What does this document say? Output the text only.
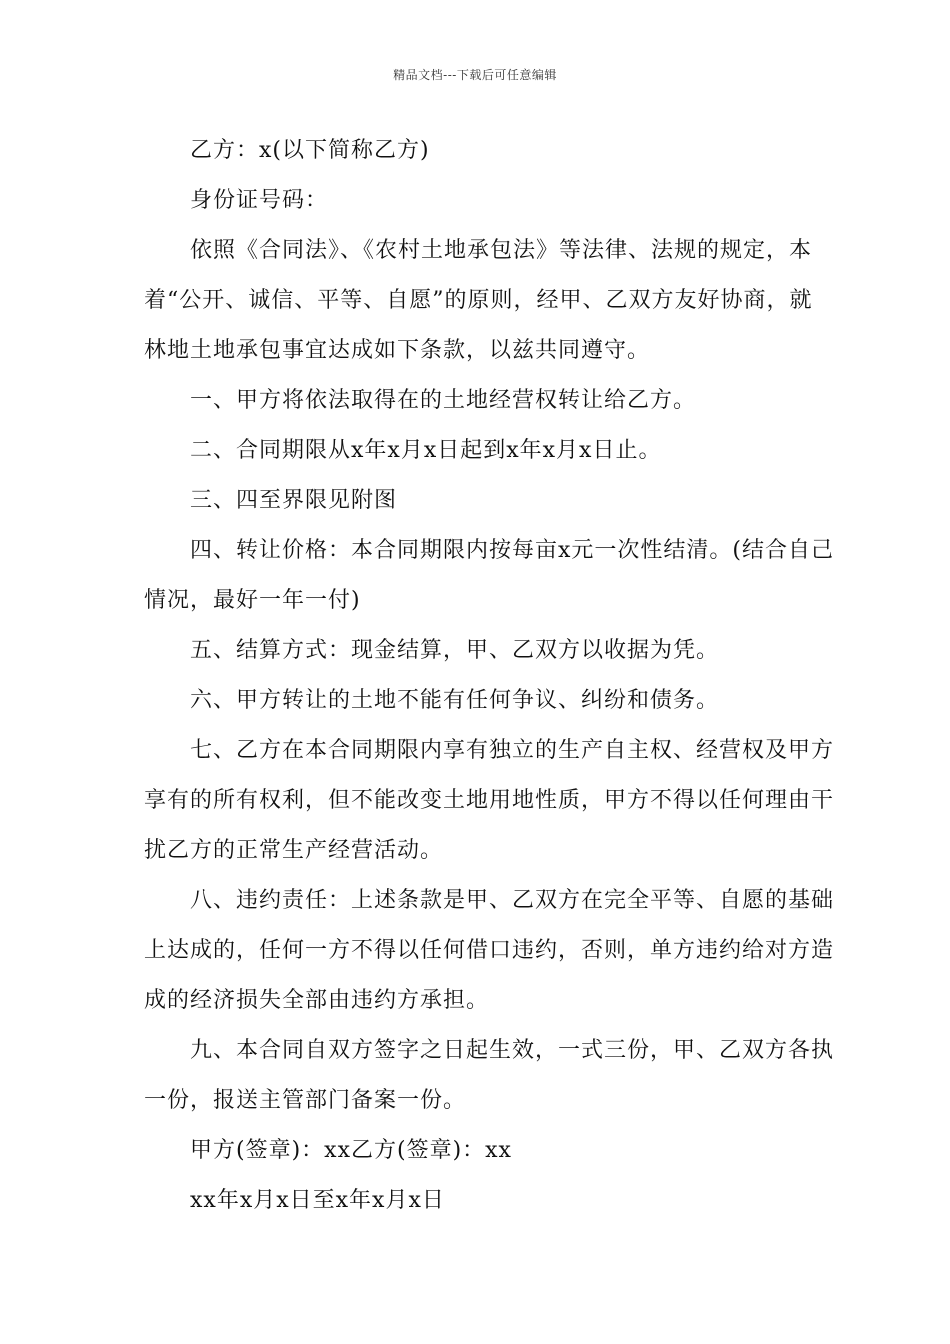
精品文档---下载后可任意编辑

乙方：x(以下简称乙方)

身份证号码：

依照《合同法》、《农村土地承包法》等法律、法规的规定，本着“公开、诚信、平等、自愿”的原则，经甲、乙双方友好协商，就林地土地承包事宜达成如下条款，以兹共同遵守。

一、甲方将依法取得在的土地经营权转让给乙方。

二、合同期限从x年x月x日起到x年x月x日止。

三、四至界限见附图

四、转让价格：本合同期限内按每亩x元一次性结清。(结合自己情况，最好一年一付)

五、结算方式：现金结算，甲、乙双方以收据为凭。

六、甲方转让的土地不能有任何争议、纠纷和债务。

七、乙方在本合同期限内享有独立的生产自主权、经营权及甲方享有的所有权利，但不能改变土地用地性质，甲方不得以任何理由干扰乙方的正常生产经营活动。

八、违约责任：上述条款是甲、乙双方在完全平等、自愿的基础上达成的，任何一方不得以任何借口违约，否则，单方违约给对方造成的经济损失全部由违约方承担。

九、本合同自双方签字之日起生效，一式三份，甲、乙双方各执一份，报送主管部门备案一份。

甲方(签章)：xx乙方(签章)：xx

xx年x月x日至x年x月x日
